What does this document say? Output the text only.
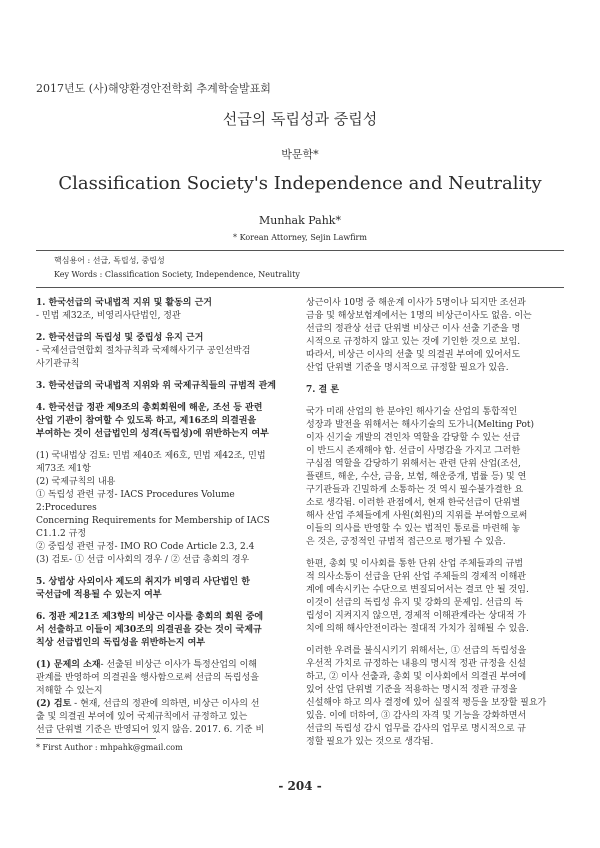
2017년도 (사)해양환경안전학회 추계학술발표회
선급의 독립성과 중립성
박문학*
Classification Society's Independence and Neutrality
Munhak Pahk*
* Korean Attorney, Sejin Lawfirm
핵심용어 : 선급, 독립성, 중립성
Key Words : Classification Society, Independence, Neutrality

1. 한국선급의 국내법적 지위 및 활동의 근거

- 민법 제32조, 비영리사단법인, 정관

2. 한국선급의 독립성 및 중립성 유지 근거

- 국제선급연합회 절차규칙과 국제해사기구 공인선박검
사기관규칙

3. 한국선급의 국내법적 지위와 위 국제규칙들의 규범적 관계

4. 한국선급 정관 제9조의 총회회원에 해운, 조선 등 관련
산업 기관이 참여할 수 있도록 하고, 제16조의 의결권을
부여하는 것이 선급법인의 성격(독립성)에 위반하는지 여부

(1) 국내법상 검토: 민법 제40조 제6호, 민법 제42조, 민법
제73조 제1항
(2) 국제규칙의 내용
① 독립성 관련 규정- IACS Procedures Volume 2:Procedures
Concerning Requirements for Membership of IACS C1.1.2 규정
② 중립성 관련 규정- IMO RO Code Article 2.3, 2.4
(3) 검토- ① 선급 이사회의 경우 / ② 선급 총회의 경우

5. 상법상 사외이사 제도의 취지가 비영리 사단법인 한
국선급에 적용될 수 있는지 여부

6. 정관 제21조 제3항의 비상근 이사를 총회의 회원 중에
서 선출하고 이들이 제30조의 의결권을 갖는 것이 국제규
칙상 선급법인의 독립성을 위반하는지 여부

(1) 문제의 소재- 선출된 비상근 이사가 특정산업의 이해
관계를 반영하여 의결권을 행사함으로써 선급의 독립성을
저해할 수 있는지

(2) 검토 - 현재, 선급의 정관에 의하면, 비상근 이사의 선
출 및 의결권 부여에 있어 국제규칙에서 규정하고 있는
선급 단위별 기준은 반영되어 있지 않음. 2017. 6. 기준 비

상근이사 10명 중 해운계 이사가 5명이나 되지만 조선과
금융 및 해상보험계에서는 1명의 비상근이사도 없음. 이는
선급의 정관상 선급 단위별 비상근 이사 선출 기준을 명
시적으로 규정하지 않고 있는 것에 기인한 것으로 보임.
따라서, 비상근 이사의 선출 및 의결권 부여에 있어서도
산업 단위별 기준을 명시적으로 규정할 필요가 있음.

7. 결 론

국가 미래 산업의 한 분야인 해사기술 산업의 통합적인
성장과 발전을 위해서는 해사기술의 도가니(Melting Pot)
이자 신기술 개발의 견인차 역할을 감당할 수 있는 선급
이 반드시 존재해야 함. 선급이 사명감을 가지고 그러한
구심점 역할을 감당하기 위해서는 관련 단위 산업(조선,
플랜트, 해운, 수산, 금융, 보험, 해운중개, 법률 등) 및 연
구기관들과 긴밀하게 소통하는 것 역시 필수불가결한 요
소로 생각됨. 이러한 관점에서, 현재 한국선급이 단위별
해사 산업 주체들에게 사원(회원)의 지위를 부여함으로써
이들의 의사를 반영할 수 있는 법적인 통로를 마련해 놓
은 것은, 긍정적인 규범적 접근으로 평가될 수 있음.

한편, 총회 및 이사회를 통한 단위 산업 주체들과의 규범
적 의사소통이 선급을 단위 산업 주체들의 경제적 이해관
계에 예속시키는 수단으로 변질되어서는 결코 안 될 것임.
이것이 선급의 독립성 유지 및 강화의 문제임. 선급의 독
립성이 지켜지지 않으면, 경제적 이해관계라는 상대적 가
치에 의해 해사안전이라는 절대적 가치가 침해될 수 있음.

이러한 우려를 불식시키기 위해서는, ① 선급의 독립성을
우선적 가치로 규정하는 내용의 명시적 정관 규정을 신설
하고, ② 이사 선출과, 총회 및 이사회에서 의결권 부여에
있어 산업 단위별 기준을 적용하는 명시적 정관 규정을
신설해야 하고 의사 결정에 있어 실질적 평등을 보장할 필요가
있음. 이에 더하여, ③ 감사의 자격 및 기능을 강화하면서
선급의 독립성 감시 업무를 감사의 업무로 명시적으로 규
정할 필요가 있는 것으로 생각됨.

* First Author : mhpahk@gmail.com
- 204 -
